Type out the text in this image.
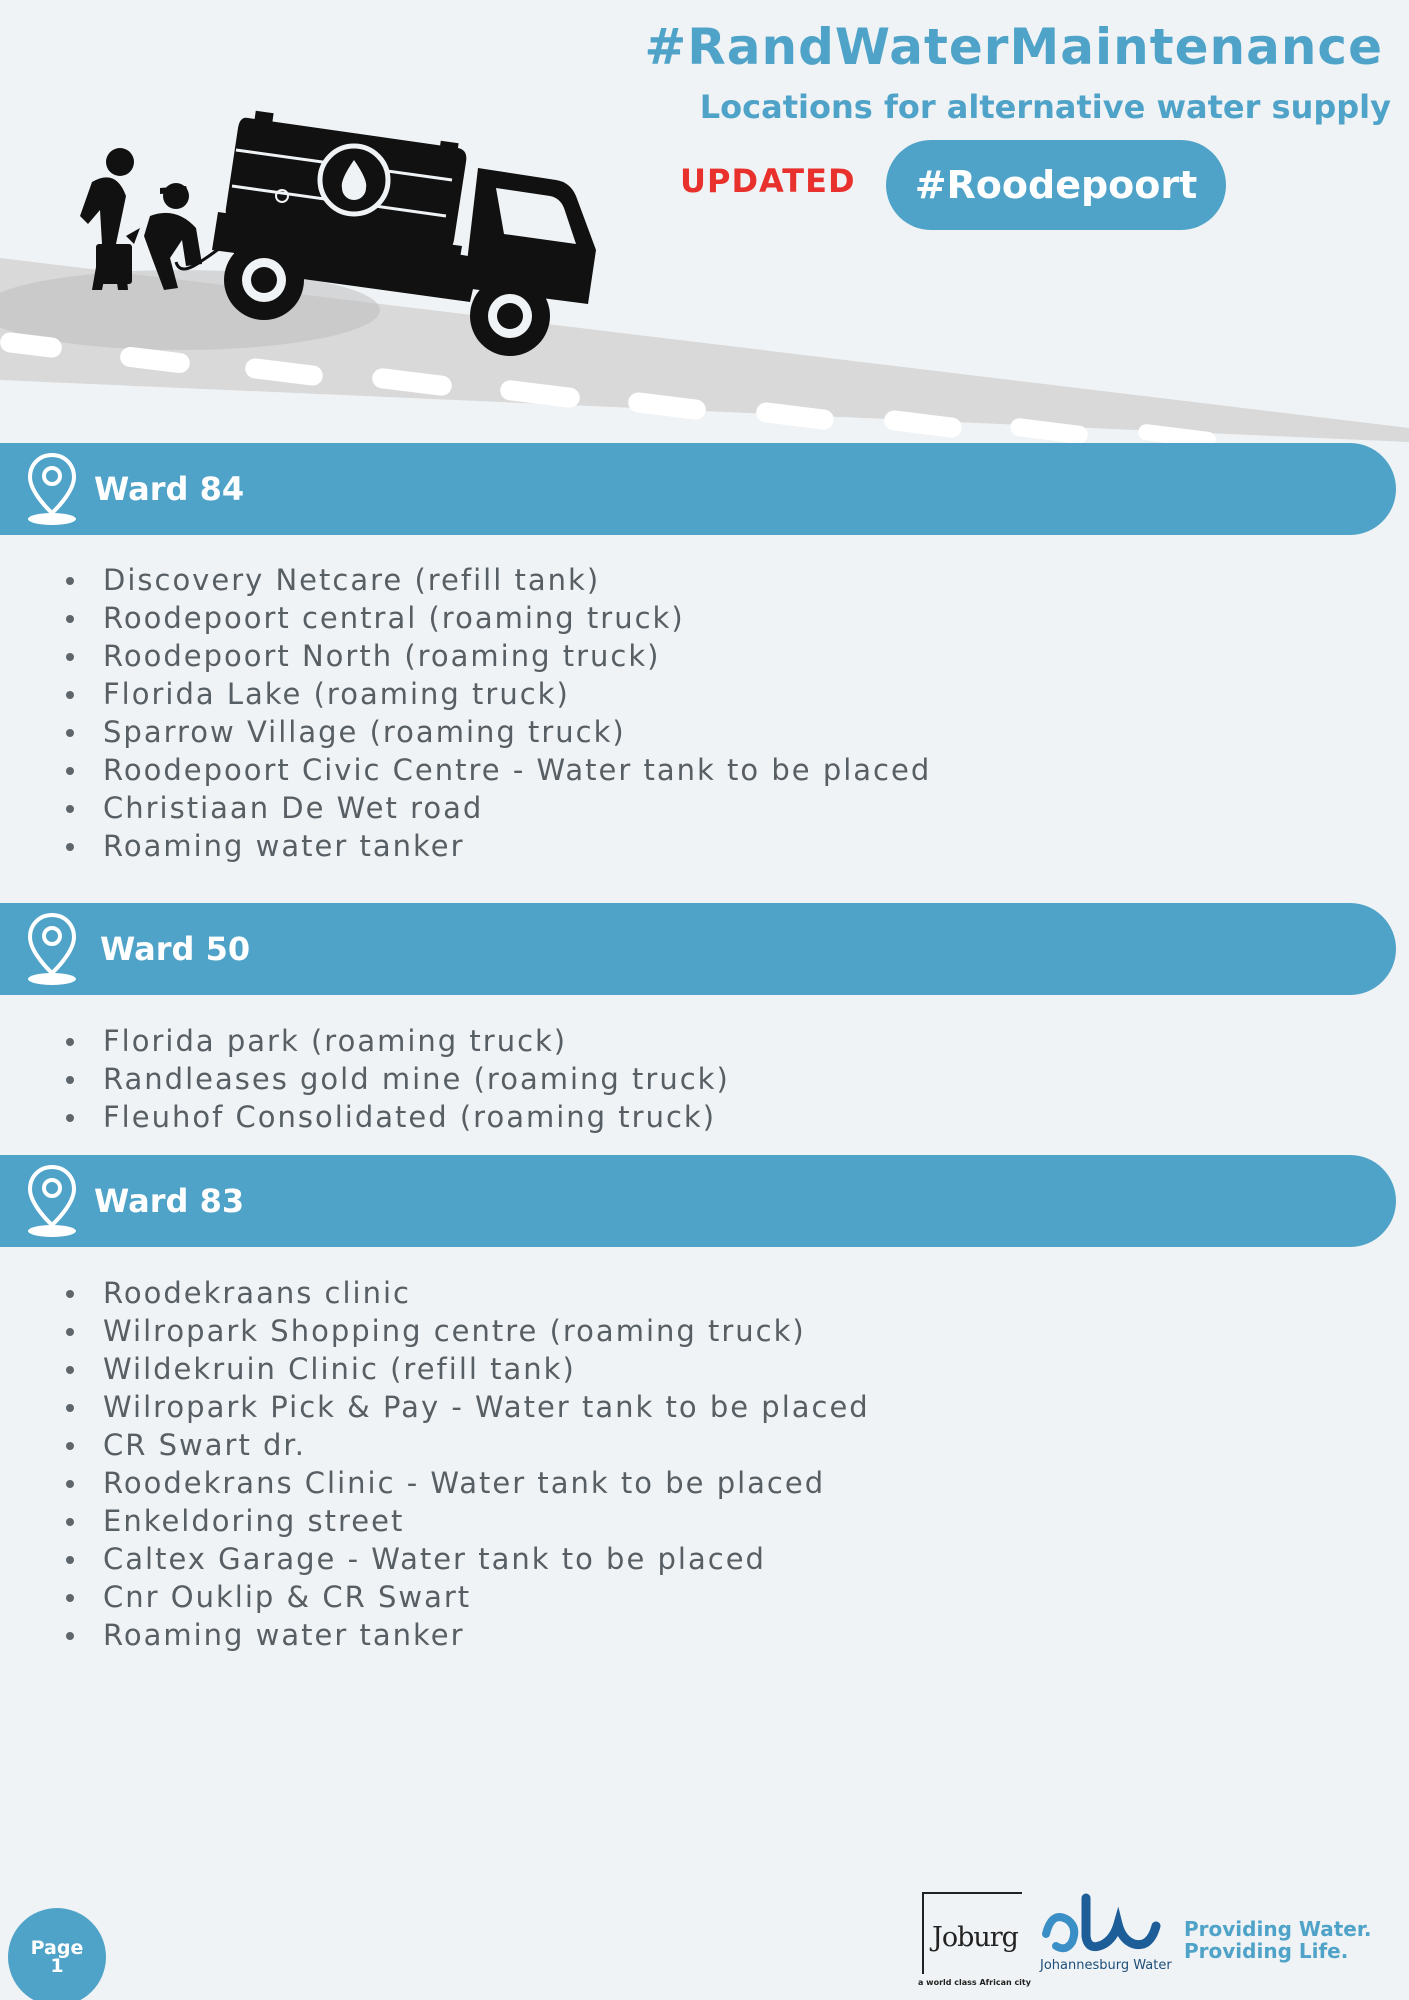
#RandWaterMaintenance
Locations for alternative water supply
UPDATED #Roodepoort
Ward 84
Discovery Netcare (refill tank)
Roodepoort central (roaming truck)
Roodepoort North (roaming truck)
Florida Lake (roaming truck)
Sparrow Village (roaming truck)
Roodepoort Civic Centre - Water tank to be placed
Christiaan De Wet road
Roaming water tanker
Ward 50
Florida park (roaming truck)
Randleases gold mine (roaming truck)
Fleuhof Consolidated (roaming truck)
Ward 83
Roodekraans clinic
Wilropark Shopping centre (roaming truck)
Wildekruin Clinic (refill tank)
Wilropark Pick & Pay - Water tank to be placed
CR Swart dr.
Roodekrans Clinic - Water tank to be placed
Enkeldoring street
Caltex Garage - Water tank to be placed
Cnr Ouklip & CR Swart
Roaming water tanker
Page
1
Joburg
a world class African city
Johannesburg Water
Providing Water.
Providing Life.
